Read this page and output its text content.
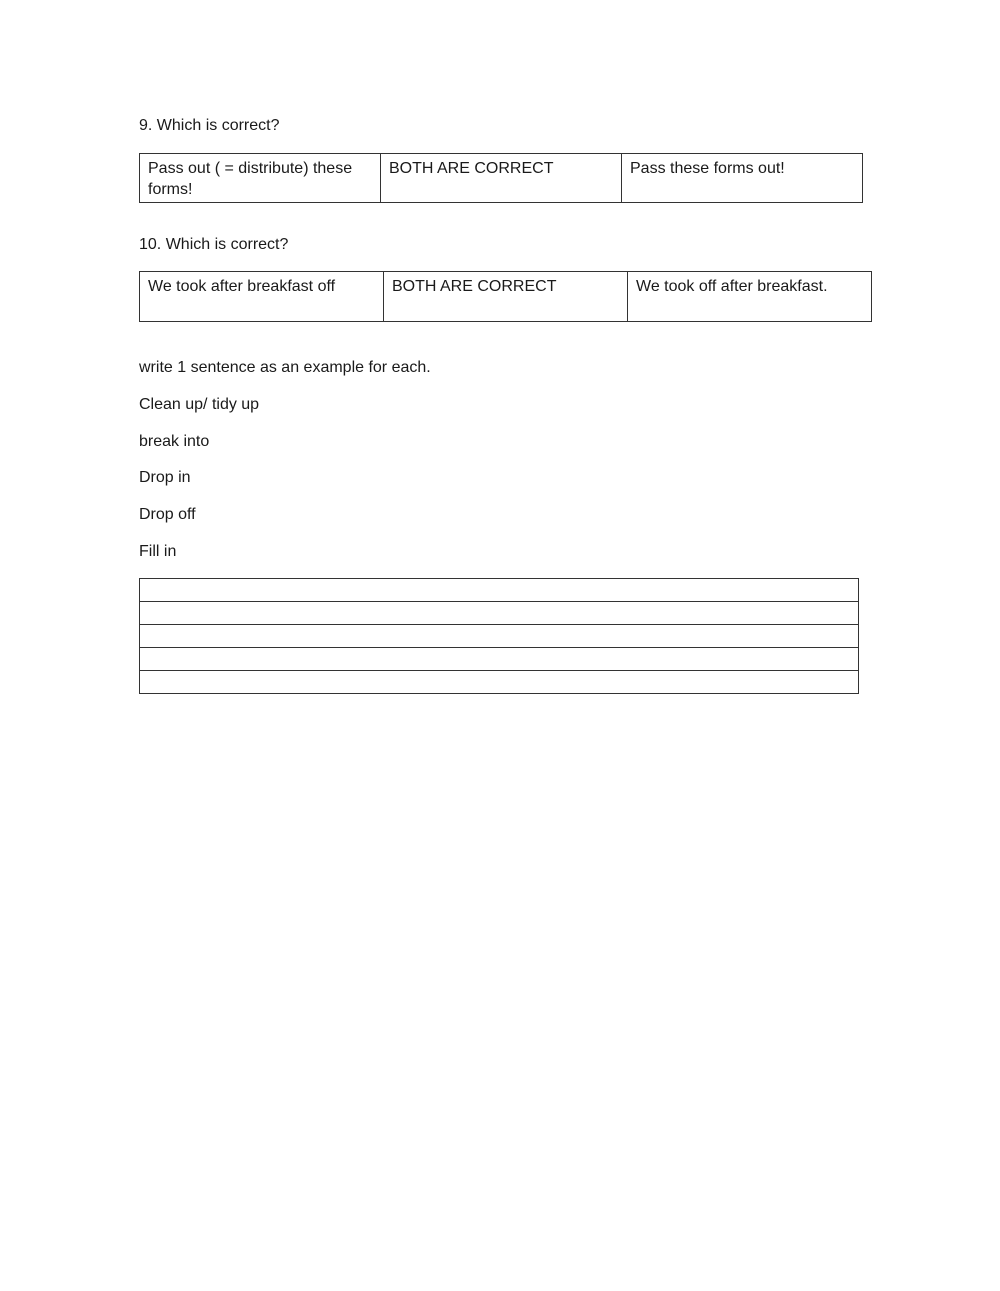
9. Which is correct?

Pass out ( = distribute) these forms!	BOTH ARE CORRECT	Pass these forms out!

10. Which is correct?

We took after breakfast off	BOTH ARE CORRECT	We took off after breakfast.
write 1 sentence as an example for each.
Clean up/ tidy up
break into
Drop in
Drop off
Fill in
